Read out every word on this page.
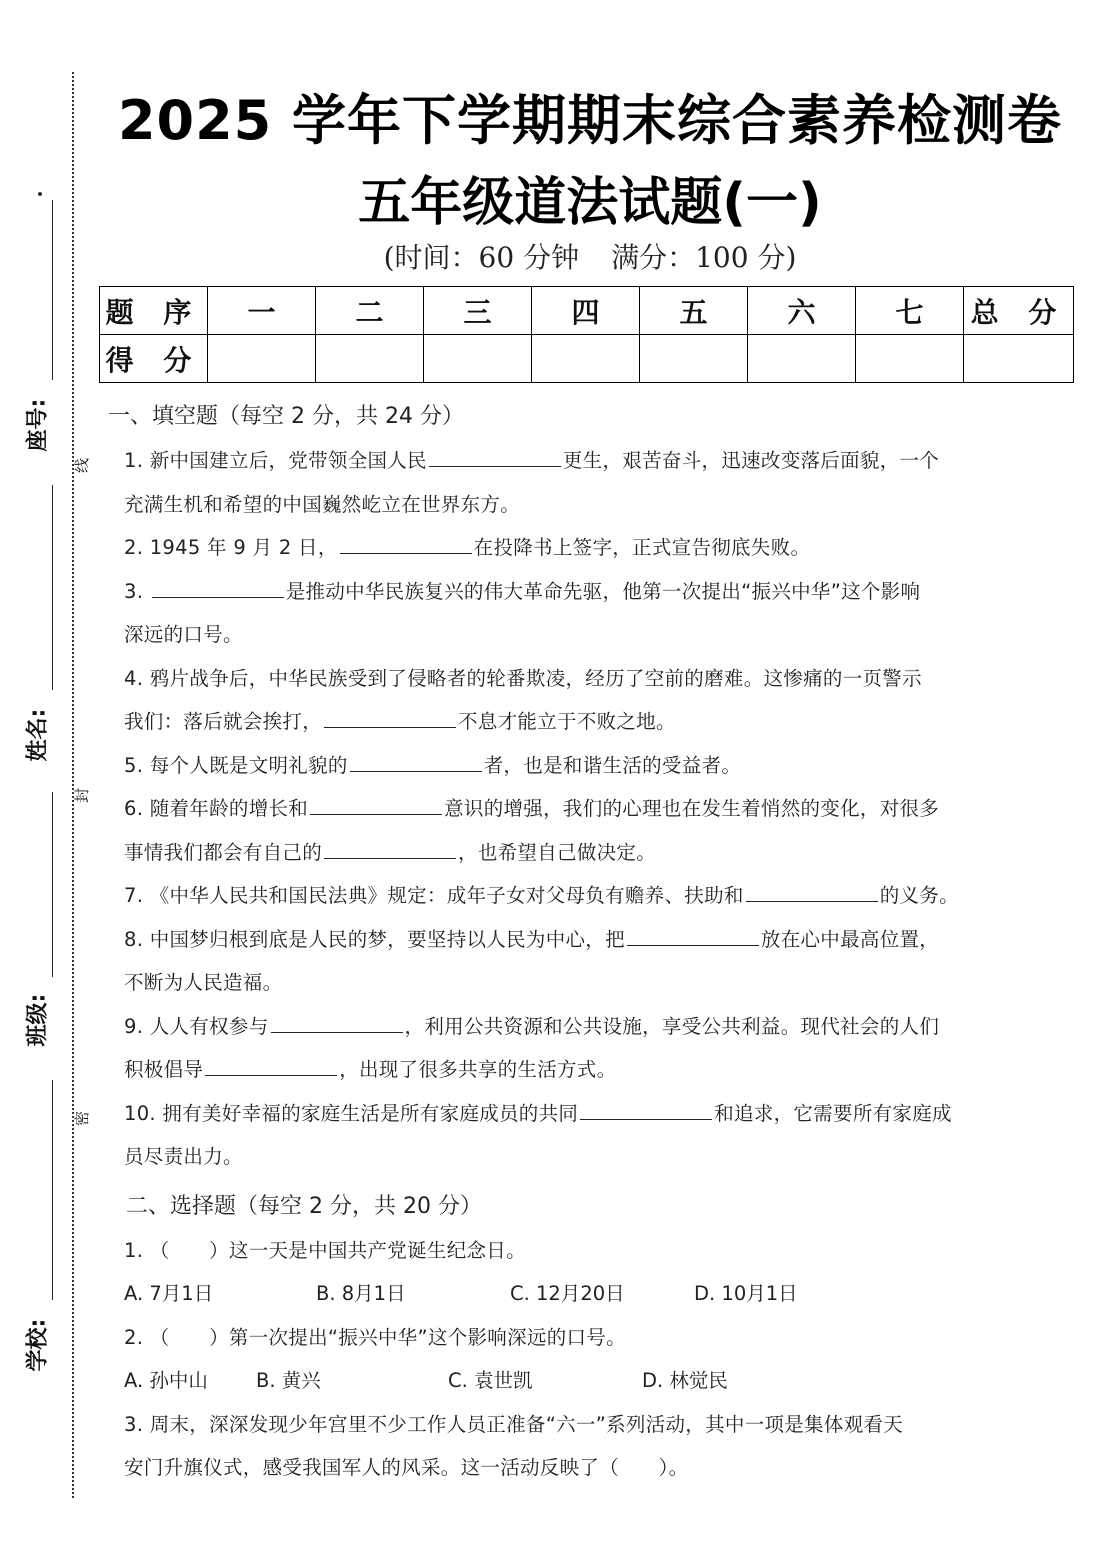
座号:
姓名:
班级:
学校:
线
封
密
2025 学年下学期期末综合素养检测卷
五年级道法试题(一)
(时间：60 分钟 满分：100 分)
题 序	一	二	三	四	五	六	七	总 分
得 分								

一、填空题（每空 2 分，共 24 分）

1. 新中国建立后，党带领全国人民	更生，艰苦奋斗，迅速改变落后面貌，一个

充满生机和希望的中国巍然屹立在世界东方。

2. 1945 年 9 月 2 日，	在投降书上签字，正式宣告彻底失败。

3.	是推动中华民族复兴的伟大革命先驱，他第一次提出“振兴中华”这个影响

深远的口号。

4. 鸦片战争后，中华民族受到了侵略者的轮番欺凌，经历了空前的磨难。这惨痛的一页警示

我们：落后就会挨打，	不息才能立于不败之地。

5. 每个人既是文明礼貌的	者，也是和谐生活的受益者。

6. 随着年龄的增长和	意识的增强，我们的心理也在发生着悄然的变化，对很多

事情我们都会有自己的	，也希望自己做决定。

7. 《中华人民共和国民法典》规定：成年子女对父母负有赡养、扶助和	的义务。

8. 中国梦归根到底是人民的梦，要坚持以人民为中心，把	放在心中最高位置，

不断为人民造福。

9. 人人有权参与	，利用公共资源和公共设施，享受公共利益。现代社会的人们

积极倡导	，出现了很多共享的生活方式。

10. 拥有美好幸福的家庭生活是所有家庭成员的共同	和追求，它需要所有家庭成

员尽责出力。

二、选择题（每空 2 分，共 20 分）

1. （　　）这一天是中国共产党诞生纪念日。

A. 7月1日	B. 8月1日	C. 12月20日	D. 10月1日

2. （　　）第一次提出“振兴中华”这个影响深远的口号。

A. 孙中山 B. 黄兴	C. 袁世凯	D. 林觉民

3. 周末，深深发现少年宫里不少工作人员正准备“六一”系列活动，其中一项是集体观看天

安门升旗仪式，感受我国军人的风采。这一活动反映了（　　）。
